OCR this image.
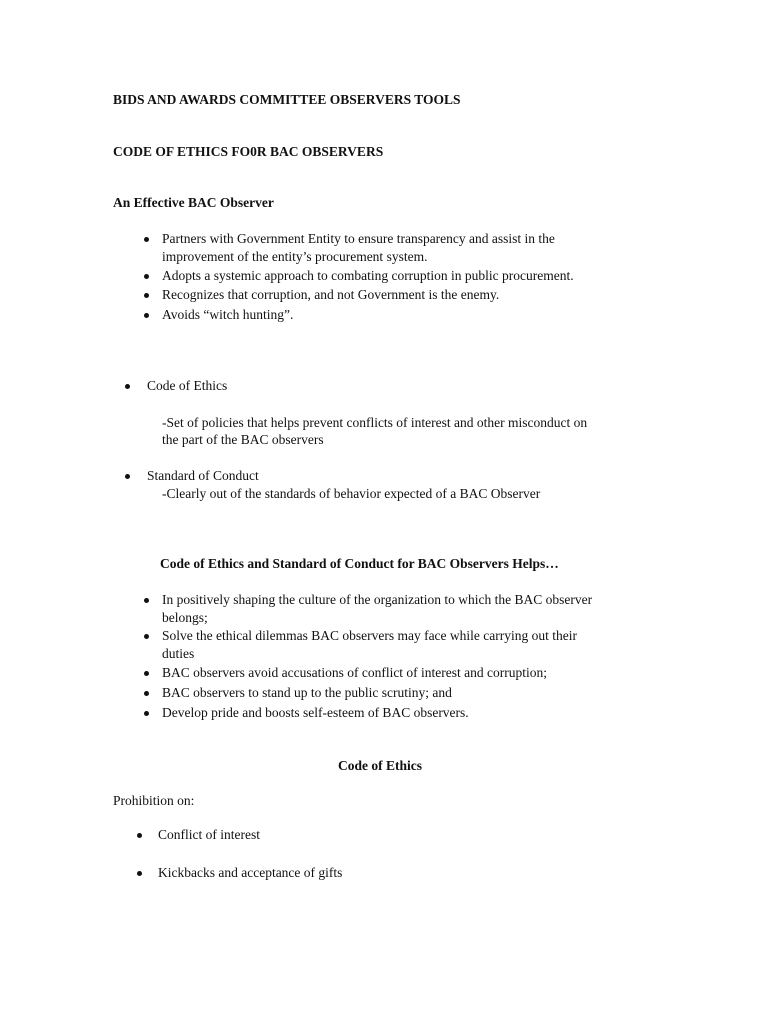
BIDS AND AWARDS COMMITTEE OBSERVERS TOOLS
CODE OF ETHICS FO0R BAC OBSERVERS
An Effective BAC Observer
Partners with Government Entity to ensure transparency and assist in the
improvement of the entity’s procurement system.
Adopts a systemic approach to combating corruption in public procurement.
Recognizes that corruption, and not Government is the enemy.
Avoids “witch hunting”.
Code of Ethics
-Set of policies that helps prevent conflicts of interest and other misconduct on
the part of the BAC observers
Standard of Conduct
-Clearly out of the standards of behavior expected of a BAC Observer
Code of Ethics and Standard of Conduct for BAC Observers Helps…
In positively shaping the culture of the organization to which the BAC observer
belongs;
Solve the ethical dilemmas BAC observers may face while carrying out their
duties
BAC observers avoid accusations of conflict of interest and corruption;
BAC observers to stand up to the public scrutiny; and
Develop pride and boosts self-esteem of BAC observers.
Code of Ethics
Prohibition on:
Conflict of interest
Kickbacks and acceptance of gifts
